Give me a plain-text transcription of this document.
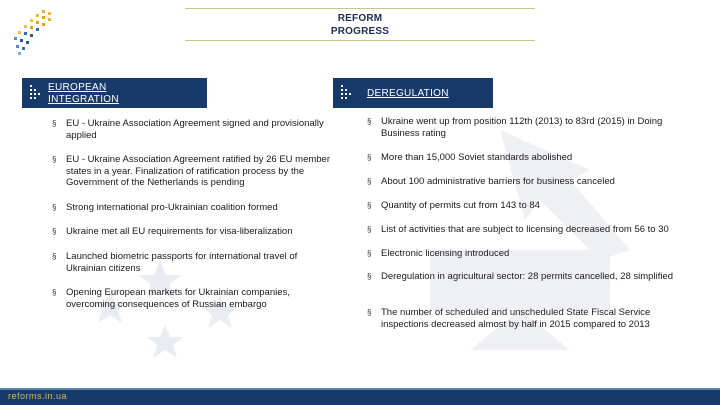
REFORM
PROGRESS
EUROPEAN INTEGRATION
DEREGULATION
§ EU - Ukraine Association Agreement signed and provisionally applied
§ EU - Ukraine Association Agreement ratified by 26 EU member states in a year. Finalization of ratification process by the Government of the Netherlands is pending
§ Strong international pro-Ukrainian coalition formed
§ Ukraine met all EU requirements for visa-liberalization
§ Launched biometric passports for international travel of Ukrainian citizens
§ Opening European markets for Ukrainian companies, overcoming consequences of Russian embargo
§ Ukraine went up from position 112th (2013) to 83rd (2015) in Doing Business rating
§ More than 15,000 Soviet standards abolished
§ About 100 administrative barriers for business canceled
§ Quantity of permits cut from 143 to 84
§ List of activities that are subject to licensing decreased from 56 to 30
§ Electronic licensing introduced
§ Deregulation in agricultural sector: 28 permits cancelled, 28 simplified
§ The number of scheduled and unscheduled State Fiscal Service inspections decreased almost by half in 2015 compared to 2013
reforms.in.ua
